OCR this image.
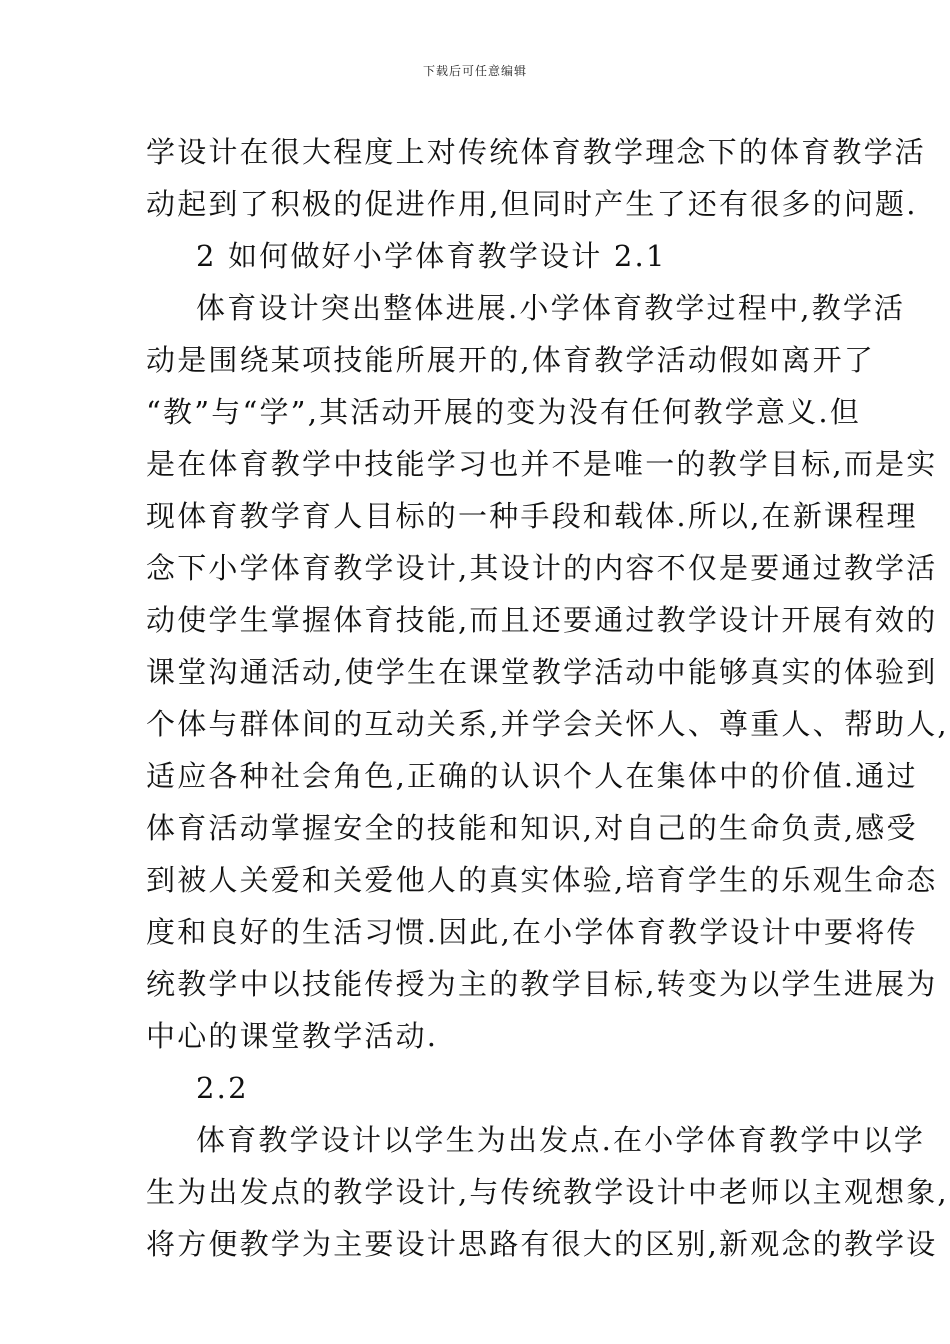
下载后可任意编辑
学设计在很大程度上对传统体育教学理念下的体育教学活
动起到了积极的促进作用,但同时产生了还有很多的问题.
2 如何做好小学体育教学设计 2.1
体育设计突出整体进展.小学体育教学过程中,教学活
动是围绕某项技能所展开的,体育教学活动假如离开了
“教”与“学”,其活动开展的变为没有任何教学意义.但
是在体育教学中技能学习也并不是唯一的教学目标,而是实
现体育教学育人目标的一种手段和载体.所以,在新课程理
念下小学体育教学设计,其设计的内容不仅是要通过教学活
动使学生掌握体育技能,而且还要通过教学设计开展有效的
课堂沟通活动,使学生在课堂教学活动中能够真实的体验到
个体与群体间的互动关系,并学会关怀人、尊重人、帮助人,
适应各种社会角色,正确的认识个人在集体中的价值.通过
体育活动掌握安全的技能和知识,对自己的生命负责,感受
到被人关爱和关爱他人的真实体验,培育学生的乐观生命态
度和良好的生活习惯.因此,在小学体育教学设计中要将传
统教学中以技能传授为主的教学目标,转变为以学生进展为
中心的课堂教学活动.
2.2
体育教学设计以学生为出发点.在小学体育教学中以学
生为出发点的教学设计,与传统教学设计中老师以主观想象,
将方便教学为主要设计思路有很大的区别,新观念的教学设
